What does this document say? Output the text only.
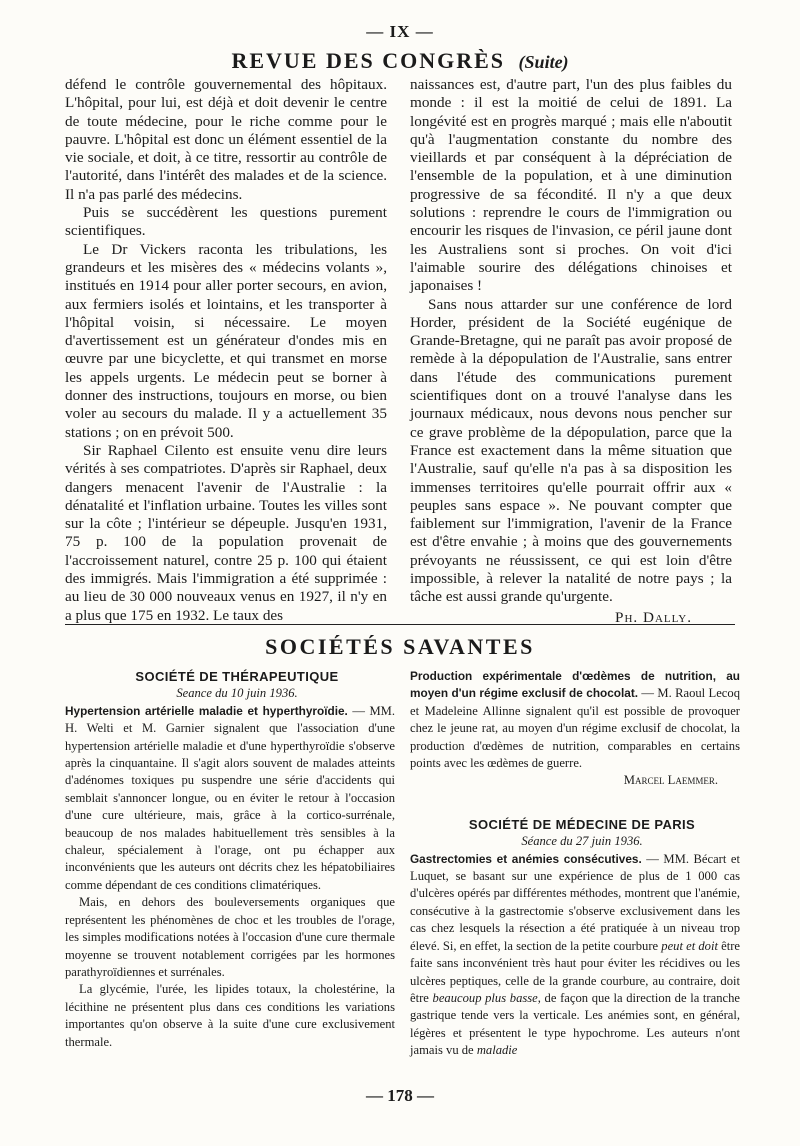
— IX —
REVUE DES CONGRÈS (Suite)

défend le contrôle gouvernemental des hôpitaux. L'hôpital, pour lui, est déjà et doit devenir le centre de toute médecine, pour le riche comme pour le pauvre. L'hôpital est donc un élément essentiel de la vie sociale, et doit, à ce titre, ressortir au contrôle de l'autorité, dans l'intérêt des malades et de la science. Il n'a pas parlé des médecins.

Puis se succédèrent les questions purement scientifiques.

Le Dr Vickers raconta les tribulations, les grandeurs et les misères des « médecins volants », institués en 1914 pour aller porter secours, en avion, aux fermiers isolés et lointains, et les transporter à l'hôpital voisin, si nécessaire. Le moyen d'avertissement est un générateur d'ondes mis en œuvre par une bicyclette, et qui transmet en morse les appels urgents. Le médecin peut se borner à donner des instructions, toujours en morse, ou bien voler au secours du malade. Il y a actuellement 35 stations ; on en prévoit 500.

Sir Raphael Cilento est ensuite venu dire leurs vérités à ses compatriotes. D'après sir Raphael, deux dangers menacent l'avenir de l'Australie : la dénatalité et l'inflation urbaine. Toutes les villes sont sur la côte ; l'intérieur se dépeuple. Jusqu'en 1931, 75 p. 100 de la population provenait de l'accroissement naturel, contre 25 p. 100 qui étaient des immigrés. Mais l'immigration a été supprimée : au lieu de 30 000 nouveaux venus en 1927, il n'y en a plus que 175 en 1932. Le taux des

naissances est, d'autre part, l'un des plus faibles du monde : il est la moitié de celui de 1891. La longévité est en progrès marqué ; mais elle n'aboutit qu'à l'augmentation constante du nombre des vieillards et par conséquent à la dépréciation de l'ensemble de la population, et à une diminution progressive de sa fécondité. Il n'y a que deux solutions : reprendre le cours de l'immigration ou encourir les risques de l'invasion, ce péril jaune dont les Australiens sont si proches. On voit d'ici l'aimable sourire des délégations chinoises et japonaises !

Sans nous attarder sur une conférence de lord Horder, président de la Société eugénique de Grande-Bretagne, qui ne paraît pas avoir proposé de remède à la dépopulation de l'Australie, sans entrer dans l'étude des communications purement scientifiques dont on a trouvé l'analyse dans les journaux médicaux, nous devons nous pencher sur ce grave problème de la dépopulation, parce que la France est exactement dans la même situation que l'Australie, sauf qu'elle n'a pas à sa disposition les immenses territoires qu'elle pourrait offrir aux « peuples sans espace ». Ne pouvant compter que faiblement sur l'immigration, l'avenir de la France est d'être envahie ; à moins que des gouvernements prévoyants ne réussissent, ce qui est loin d'être impossible, à relever la natalité de notre pays ; la tâche est aussi grande qu'urgente.

Ph. Dally.
SOCIÉTÉS SAVANTES

SOCIÉTÉ DE THÉRAPEUTIQUE

Seance du 10 juin 1936.

Hypertension artérielle maladie et hyperthyroïdie. — MM. H. Welti et M. Garnier signalent que l'association d'une hypertension artérielle maladie et d'une hyperthyroïdie s'observe après la cinquantaine. Il s'agit alors souvent de malades atteints d'adénomes toxiques pu suspendre une série d'accidents qui semblait s'annoncer longue, ou en éviter le retour à l'occasion d'une cure ultérieure, mais, grâce à la cortico-surrénale, beaucoup de nos malades habituellement très sensibles à la chaleur, spécialement à l'orage, ont pu échapper aux inconvénients que les auteurs ont décrits chez les hépatobiliaires comme dépendant de ces conditions climatériques.

Mais, en dehors des bouleversements organiques que représentent les phénomènes de choc et les troubles de l'orage, les simples modifications notées à l'occasion d'une cure thermale moyenne se trouvent notablement corrigées par les hormones parathyroïdiennes et surrénales.

La glycémie, l'urée, les lipides totaux, la cholestérine, la lécithine ne présentent plus dans ces conditions les variations importantes qu'on observe à la suite d'une cure exclusivement thermale.

Production expérimentale d'œdèmes de nutrition, au moyen d'un régime exclusif de chocolat. — M. Raoul Lecoq et Madeleine Allinne signalent qu'il est possible de provoquer chez le jeune rat, au moyen d'un régime exclusif de chocolat, la production d'œdèmes de nutrition, comparables en certains points avec les œdèmes de guerre.

Marcel Laemmer.

SOCIÉTÉ DE MÉDECINE DE PARIS

Séance du 27 juin 1936.

Gastrectomies et anémies consécutives. — MM. Bécart et Luquet, se basant sur une expérience de plus de 1 000 cas d'ulcères opérés par différentes méthodes, montrent que l'anémie, consécutive à la gastrectomie s'observe exclusivement dans les cas chez lesquels la résection a été pratiquée à un niveau trop élevé. Si, en effet, la section de la petite courbure peut et doit être faite sans inconvénient très haut pour éviter les récidives ou les ulcères peptiques, celle de la grande courbure, au contraire, doit être beaucoup plus basse, de façon que la direction de la tranche gastrique tende vers la verticale. Les anémies sont, en général, légères et présentent le type hypochrome. Les auteurs n'ont jamais vu de maladie

— 178 —
